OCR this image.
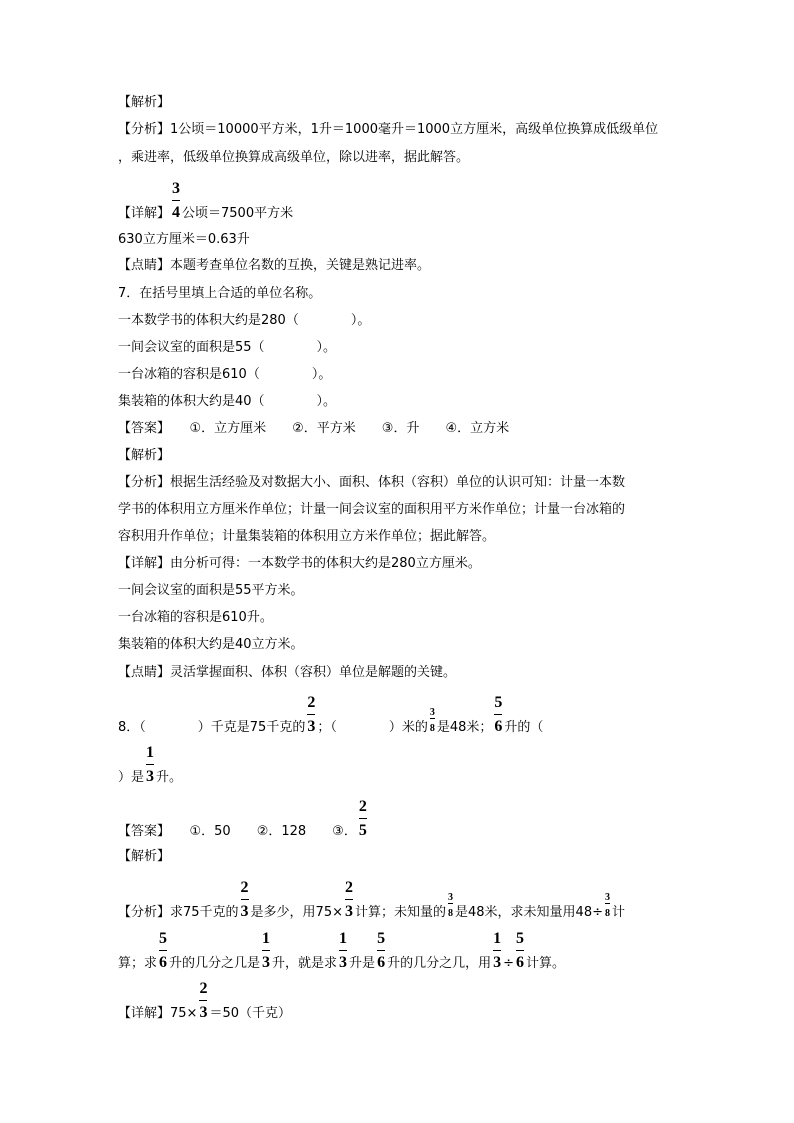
【解析】
【分析】1公顷＝10000平方米，1升＝1000毫升＝1000立方厘米，高级单位换算成低级单位
，乘进率，低级单位换算成高级单位，除以进率，据此解答。
【详解】 $\frac{3}{4}$公顷＝7500平方米
630立方厘米＝0.63升
【点睛】本题考查单位名数的互换，关键是熟记进率。
7．在括号里填上合适的单位名称。
一本数学书的体积大约是280（　　　　）。
一间会议室的面积是55（　　　　）。
一台冰箱的容积是610（　　　　）。
集装箱的体积大约是40（　　　　）。
【答案】　　①．立方厘米　　②．平方米　　③．升　　④．立方米
【解析】
【分析】根据生活经验及对数据大小、面积、体积（容积）单位的认识可知：计量一本数
学书的体积用立方厘米作单位；计量一间会议室的面积用平方米作单位；计量一台冰箱的
容积用升作单位；计量集装箱的体积用立方米作单位；据此解答。
【详解】由分析可得：一本数学书的体积大约是280立方厘米。
一间会议室的面积是55平方米。
一台冰箱的容积是610升。
集装箱的体积大约是40立方米。
【点睛】灵活掌握面积、体积（容积）单位是解题的关键。
8．（　　　　）千克是75千克的 $\frac{2}{3}$；（　　　　）米的 $\frac{3}{8}$是48米； $\frac{5}{6}$升的（
）是 $\frac{1}{3}$升。
【答案】　　①．50　　②．128　　③． $\frac{2}{5}$
【解析】
【分析】求75千克的 $\frac{2}{3}$是多少，用$75\times \frac{2}{3}$计算；未知量的 $\frac{3}{8}$是48米，求未知量用$48\div \frac{3}{8}$计
算；求 $\frac{5}{6}$升的几分之几是 $\frac{1}{3}$升，就是求 $\frac{1}{3}$升是 $\frac{5}{6}$升的几分之几，用 $\frac{1}{3}\div \frac{5}{6}$计算。
【详解】$75\times \frac{2}{3}=50$（千克）
